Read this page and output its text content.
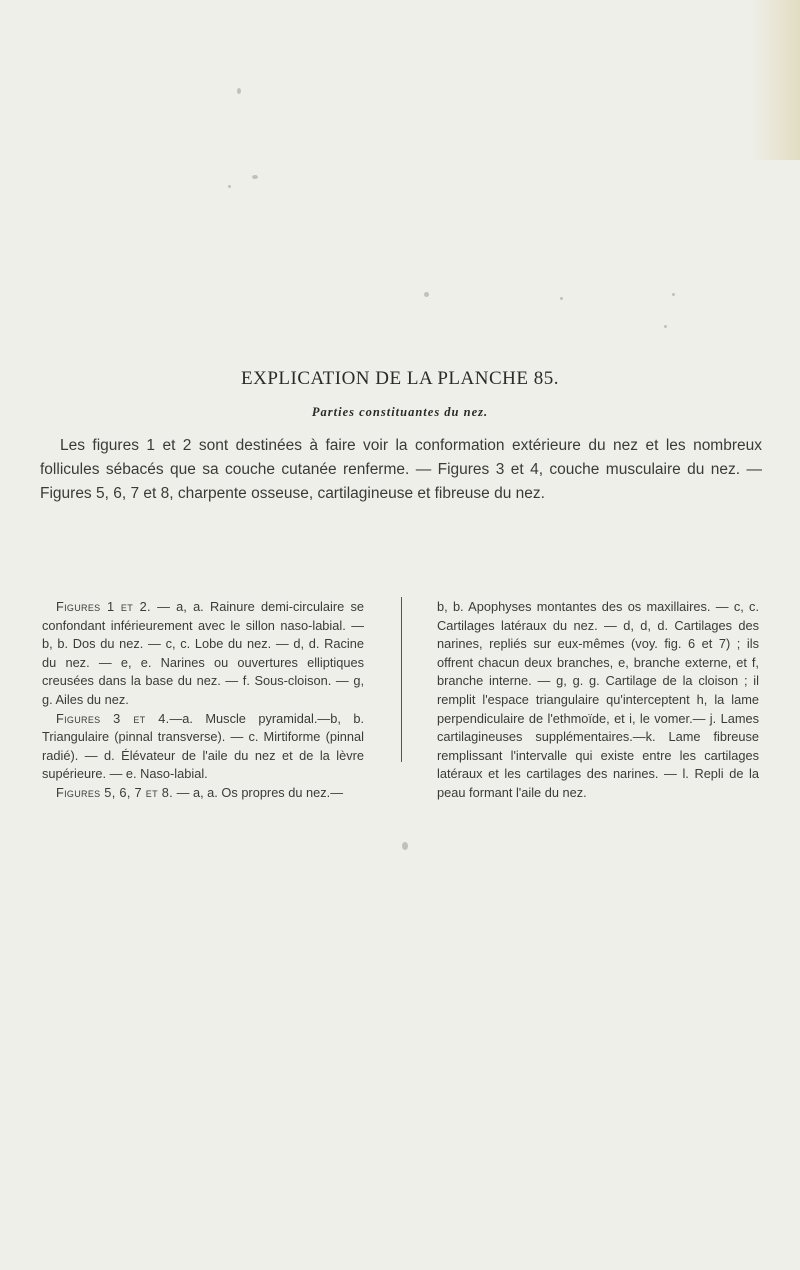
EXPLICATION DE LA PLANCHE 85.
Parties constituantes du nez.
Les figures 1 et 2 sont destinées à faire voir la conformation extérieure du nez et les nombreux follicules sébacés que sa couche cutanée renferme. — Figures 3 et 4, couche musculaire du nez. — Figures 5, 6, 7 et 8, charpente osseuse, cartilagineuse et fibreuse du nez.

Figures 1 et 2. — a, a. Rainure demi-circulaire se confondant inférieurement avec le sillon naso-labial. — b, b. Dos du nez. — c, c. Lobe du nez. — d, d. Racine du nez. — e, e. Narines ou ouvertures elliptiques creusées dans la base du nez. — f. Sous-cloison. — g, g. Ailes du nez.

Figures 3 et 4.—a. Muscle pyramidal.—b, b. Triangulaire (pinnal transverse). — c. Mirtiforme (pinnal radié). — d. Élévateur de l'aile du nez et de la lèvre supérieure. — e. Naso-labial.

Figures 5, 6, 7 et 8. — a, a. Os propres du nez.—

b, b. Apophyses montantes des os maxillaires. — c, c. Cartilages latéraux du nez. — d, d, d. Cartilages des narines, repliés sur eux-mêmes (voy. fig. 6 et 7) ; ils offrent chacun deux branches, e, branche externe, et f, branche interne. — g, g. g. Cartilage de la cloison ; il remplit l'espace triangulaire qu'interceptent h, la lame perpendiculaire de l'ethmoïde, et i, le vomer.— j. Lames cartilagineuses supplémentaires.—k. Lame fibreuse remplissant l'intervalle qui existe entre les cartilages latéraux et les cartilages des narines. — l. Repli de la peau formant l'aile du nez.
